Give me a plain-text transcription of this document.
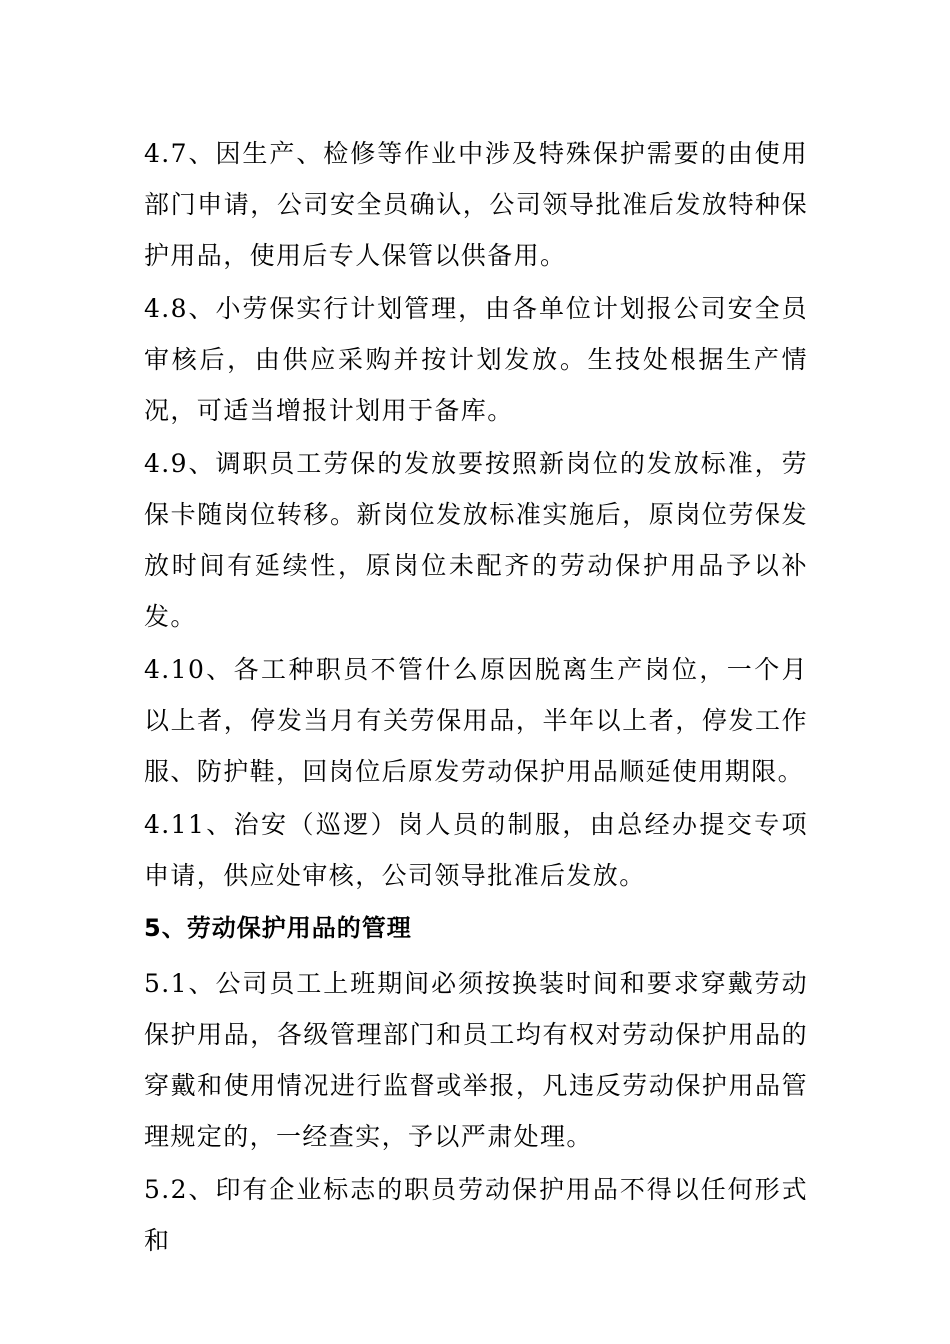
4.7、因生产、检修等作业中涉及特殊保护需要的由使用部门申请，公司安全员确认，公司领导批准后发放特种保护用品，使用后专人保管以供备用。

4.8、小劳保实行计划管理，由各单位计划报公司安全员审核后，由供应采购并按计划发放。生技处根据生产情况，可适当增报计划用于备库。

4.9、调职员工劳保的发放要按照新岗位的发放标准，劳保卡随岗位转移。新岗位发放标准实施后，原岗位劳保发放时间有延续性，原岗位未配齐的劳动保护用品予以补发。

4.10、各工种职员不管什么原因脱离生产岗位，一个月以上者，停发当月有关劳保用品，半年以上者，停发工作服、防护鞋，回岗位后原发劳动保护用品顺延使用期限。

4.11、治安（巡逻）岗人员的制服，由总经办提交专项申请，供应处审核，公司领导批准后发放。

5、劳动保护用品的管理

5.1、公司员工上班期间必须按换装时间和要求穿戴劳动保护用品，各级管理部门和员工均有权对劳动保护用品的穿戴和使用情况进行监督或举报，凡违反劳动保护用品管理规定的，一经查实，予以严肃处理。

5.2、印有企业标志的职员劳动保护用品不得以任何形式和
